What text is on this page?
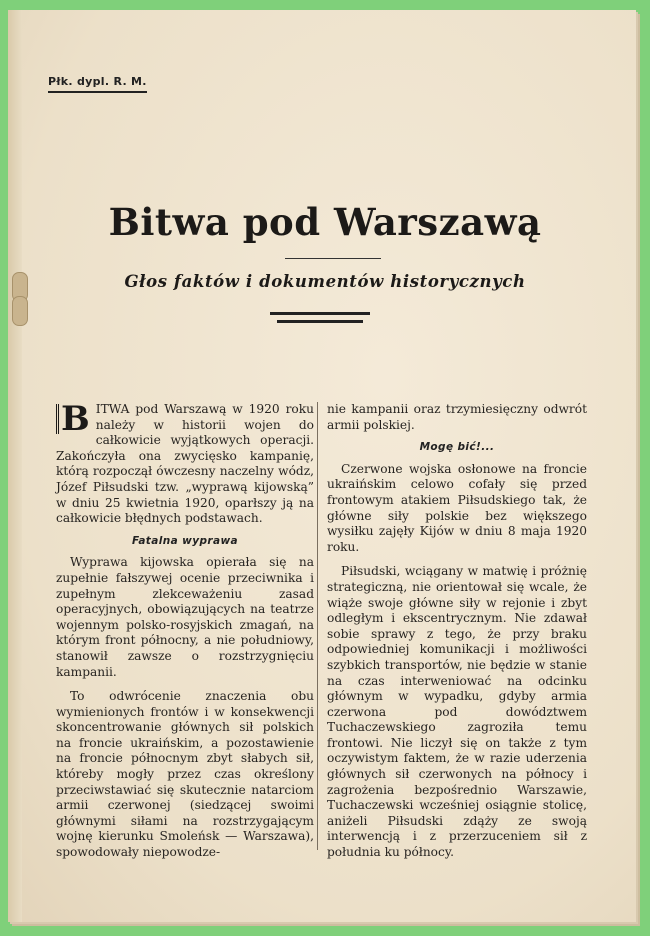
Płk. dypl. R. M.
Bitwa pod Warszawą
Głos faktów i dokumentów historycznych

B ITWA pod Warszawą w 1920 roku należy w historii wojen do całkowicie wyjątkowych operacji. Zakończyła ona zwycięsko kampanię, którą rozpoczął ówczesny naczelny wódz, Józef Piłsudski tzw. „wyprawą kijowską” w dniu 25 kwietnia 1920, oparłszy ją na całkowicie błędnych podstawach.

Fatalna wyprawa

Wyprawa kijowska opierała się na zupełnie fałszywej ocenie przeciwnika i zupełnym zlekceważeniu zasad operacyjnych, obowiązujących na teatrze wojennym polsko-rosyjskich zmagań, na którym front północny, a nie południowy, stanowił zawsze o rozstrzygnięciu kampanii.

To odwrócenie znaczenia obu wymienionych frontów i w konsekwencji skoncentrowanie głównych sił polskich na froncie ukraińskim, a pozostawienie na froncie północnym zbyt słabych sił, któreby mogły przez czas określony przeciwstawiać się skutecznie natarciom armii czerwonej (siedzącej swoimi głównymi siłami na rozstrzygającym wojnę kierunku Smoleńsk — Warszawa), spowodowały niepowodze-

nie kampanii oraz trzymiesięczny odwrót armii polskiej.

Mogę bić!...

Czerwone wojska osłonowe na froncie ukraińskim celowo cofały się przed frontowym atakiem Piłsudskiego tak, że główne siły polskie bez większego wysiłku zajęły Kijów w dniu 8 maja 1920 roku.

Piłsudski, wciągany w matwię i próżnię strategiczną, nie orientował się wcale, że wiąże swoje główne siły w rejonie i zbyt odległym i ekscentrycznym. Nie zdawał sobie sprawy z tego, że przy braku odpowiedniej komunikacji i możliwości szybkich transportów, nie będzie w stanie na czas interweniować na odcinku głównym w wypadku, gdyby armia czerwona pod dowództwem Tuchaczewskiego zagroziła temu frontowi. Nie liczył się on także z tym oczywistym faktem, że w razie uderzenia głównych sił czerwonych na północy i zagrożenia bezpośrednio Warszawie, Tuchaczewski wcześniej osiągnie stolicę, aniżeli Piłsudski zdąży ze swoją interwencją i z przerzuceniem sił z południa ku północy.
